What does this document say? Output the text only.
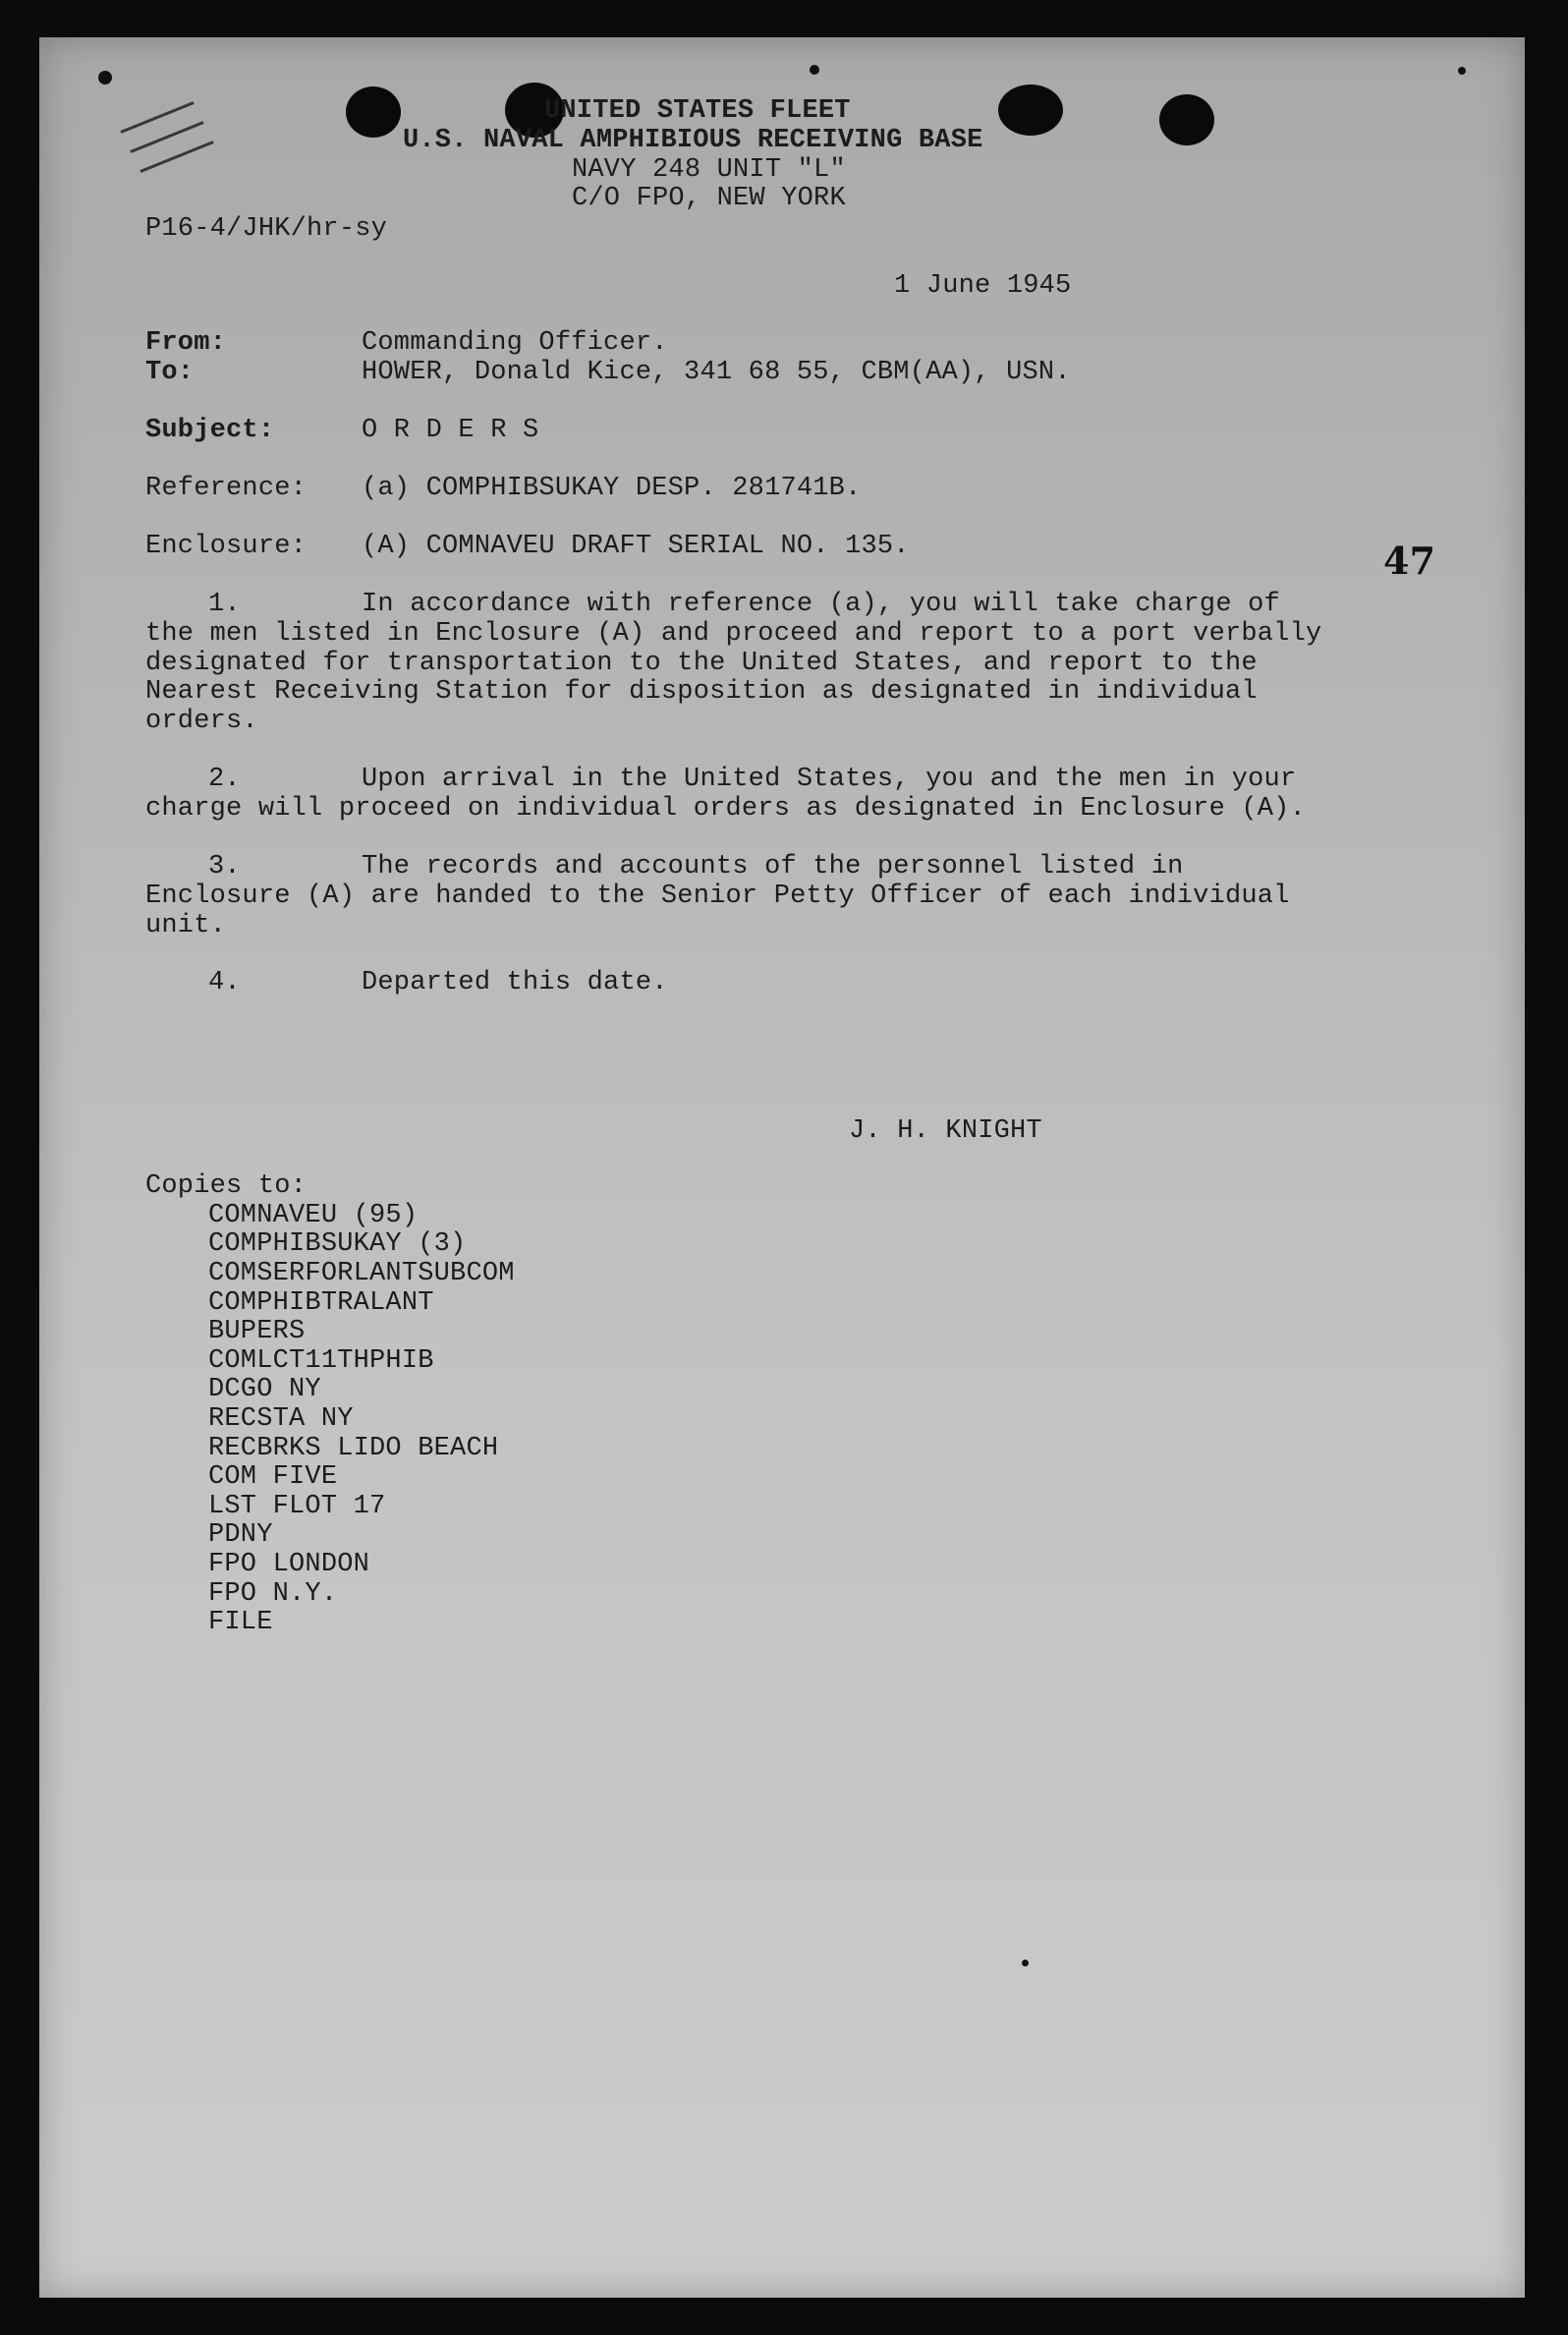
UNITED STATES FLEET
U.S. NAVAL AMPHIBIOUS RECEIVING BASE
NAVY 248 UNIT "L"
C/O FPO, NEW YORK
P16-4/JHK/hr-sy
1 June 1945
47
From:	Commanding Officer.
To:	HOWER, Donald Kice, 341 68 55, CBM(AA), USN.
Subject:	O R D E R S
Reference: (a) COMPHIBSUKAY DESP. 281741B.
Enclosure: (A) COMNAVEU DRAFT SERIAL NO. 135.
1.	In accordance with reference (a), you will take charge of
the men listed in Enclosure (A) and proceed and report to a port verbally
designated for transportation to the United States, and report to the
Nearest Receiving Station for disposition as designated in individual
orders.
2.	Upon arrival in the United States, you and the men in your
charge will proceed on individual orders as designated in Enclosure (A).
3.	The records and accounts of the personnel listed in
Enclosure (A) are handed to the Senior Petty Officer of each individual
unit.
4.	Departed this date.
J. H. KNIGHT
Copies to:
COMNAVEU (95)
COMPHIBSUKAY (3)
COMSERFORLANTSUBCOM
COMPHIBTRALANT
BUPERS
COMLCT11THPHIB
DCGO NY
RECSTA NY
RECBRKS LIDO BEACH
COM FIVE
LST FLOT 17
PDNY
FPO LONDON
FPO N.Y.
FILE
